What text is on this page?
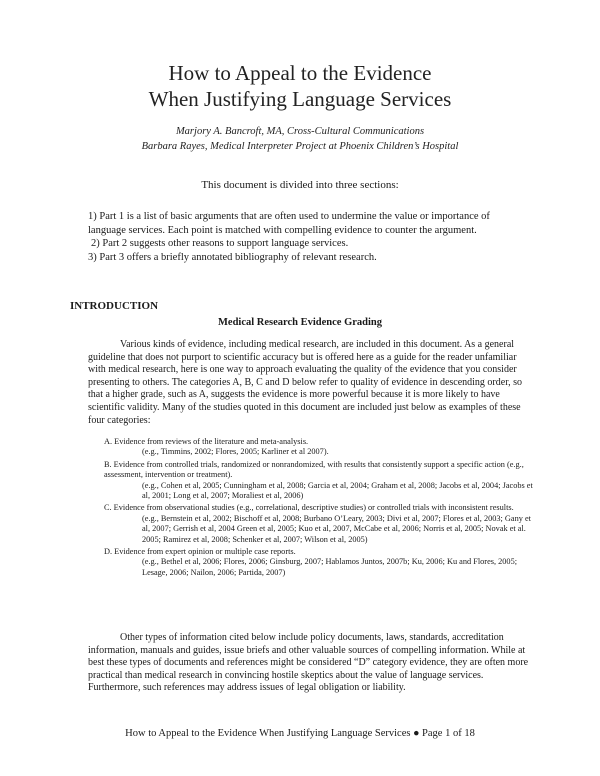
How to Appeal to the Evidence
When Justifying Language Services
Marjory A. Bancroft, MA, Cross-Cultural Communications
Barbara Rayes, Medical Interpreter Project at Phoenix Children’s Hospital
This document is divided into three sections:

1) Part 1 is a list of basic arguments that are often used to undermine the value or importance of language services. Each point is matched with compelling evidence to counter the argument.

2) Part 2 suggests other reasons to support language services.

3) Part 3 offers a briefly annotated bibliography of relevant research.

INTRODUCTION
Medical Research Evidence Grading

Various kinds of evidence, including medical research, are included in this document. As a general guideline that does not purport to scientific accuracy but is offered here as a guide for the reader unfamiliar with medical research, here is one way to approach evaluating the quality of the evidence that you consider presenting to others. The categories A, B, C and D below refer to quality of evidence in descending order, so that a higher grade, such as A, suggests the evidence is more powerful because it is more likely to have scientific validity. Many of the studies quoted in this document are included just below as examples of these four categories:

A. Evidence from reviews of the literature and meta-analysis.

(e.g., Timmins, 2002; Flores, 2005; Karliner et al 2007).

B. Evidence from controlled trials, randomized or nonrandomized, with results that consistently support a specific action (e.g., assessment, intervention or treatment).

(e.g., Cohen et al, 2005; Cunningham et al, 2008; Garcia et al, 2004; Graham et al, 2008; Jacobs et al, 2004; Jacobs et al, 2001; Long et al, 2007; Moraliest et al, 2006)

C. Evidence from observational studies (e.g., correlational, descriptive studies) or controlled trials with inconsistent results.

(e.g., Bernstein et al, 2002; Bischoff et al, 2008; Burbano O’Leary, 2003; Divi et al, 2007; Flores et al, 2003; Gany et al, 2007; Gerrish et al, 2004 Green et al, 2005; Kuo et al, 2007, McCabe et al, 2006; Norris et al, 2005; Novak et al. 2005; Ramirez et al, 2008; Schenker et al, 2007; Wilson et al, 2005)

D. Evidence from expert opinion or multiple case reports.

(e.g., Bethel et al, 2006; Flores, 2006; Ginsburg, 2007; Hablamos Juntos, 2007b; Ku, 2006; Ku and Flores, 2005; Lesage, 2006; Nailon, 2006; Partida, 2007)

Other types of information cited below include policy documents, laws, standards, accreditation information, manuals and guides, issue briefs and other valuable sources of compelling information. While at best these types of documents and references might be considered “D” category evidence, they are often more practical than medical research in convincing hostile skeptics about the value of language services. Furthermore, such references may address issues of legal obligation or liability.

How to Appeal to the Evidence When Justifying Language Services ● Page 1 of 18
